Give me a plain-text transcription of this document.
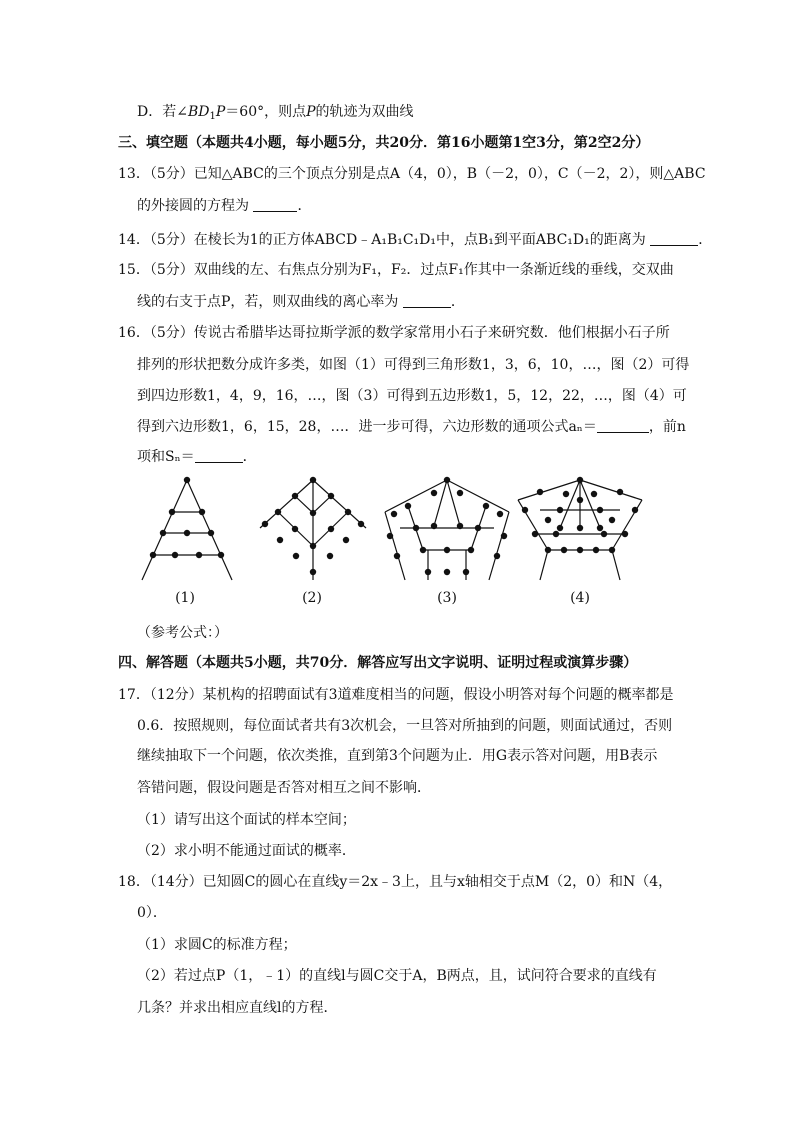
D．若$\angle BD_1P=60^\circ$，则点P的轨迹为双曲线
三、填空题（本题共4小题，每小题5分，共20分．第16小题第1空3分，第2空2分）
13．（5分）已知△ABC的三个顶点分别是点A（4，0），B（－2，0），C（－2，2），则△ABC
的外接圆的方程为	．
14．（5分）在棱长为1的正方体ABCD﹣A₁B₁C₁D₁中，点B₁到平面ABC₁D₁的距离为	．
15．（5分）双曲线的左、右焦点分别为F₁，F₂．过点F₁作其中一条渐近线的垂线，交双曲
线的右支于点P，若，则双曲线的离心率为	．
16．（5分）传说古希腊毕达哥拉斯学派的数学家常用小石子来研究数．他们根据小石子所
排列的形状把数分成许多类，如图（1）可得到三角形数1，3，6，10，…，图（2）可得
到四边形数1，4，9，16，…，图（3）可得到五边形数1，5，12，22，…，图（4）可
得到六边形数1，6，15，28，…．进一步可得，六边形数的通项公式aₙ＝	，前n
项和Sₙ＝	．
(1)	(2)	(3)	(4)
（参考公式：）
四、解答题（本题共5小题，共70分．解答应写出文字说明、证明过程或演算步骤）
17．（12分）某机构的招聘面试有3道难度相当的问题，假设小明答对每个问题的概率都是
0.6．按照规则，每位面试者共有3次机会，一旦答对所抽到的问题，则面试通过，否则
继续抽取下一个问题，依次类推，直到第3个问题为止．用G表示答对问题，用B表示
答错问题，假设问题是否答对相互之间不影响．
（1）请写出这个面试的样本空间；
（2）求小明不能通过面试的概率．
18．（14分）已知圆C的圆心在直线y＝2x﹣3上，且与x轴相交于点M（2，0）和N（4，
0）．
（1）求圆C的标准方程；
（2）若过点P（1，﹣1）的直线l与圆C交于A，B两点，且，试问符合要求的直线有
几条？并求出相应直线l的方程．
